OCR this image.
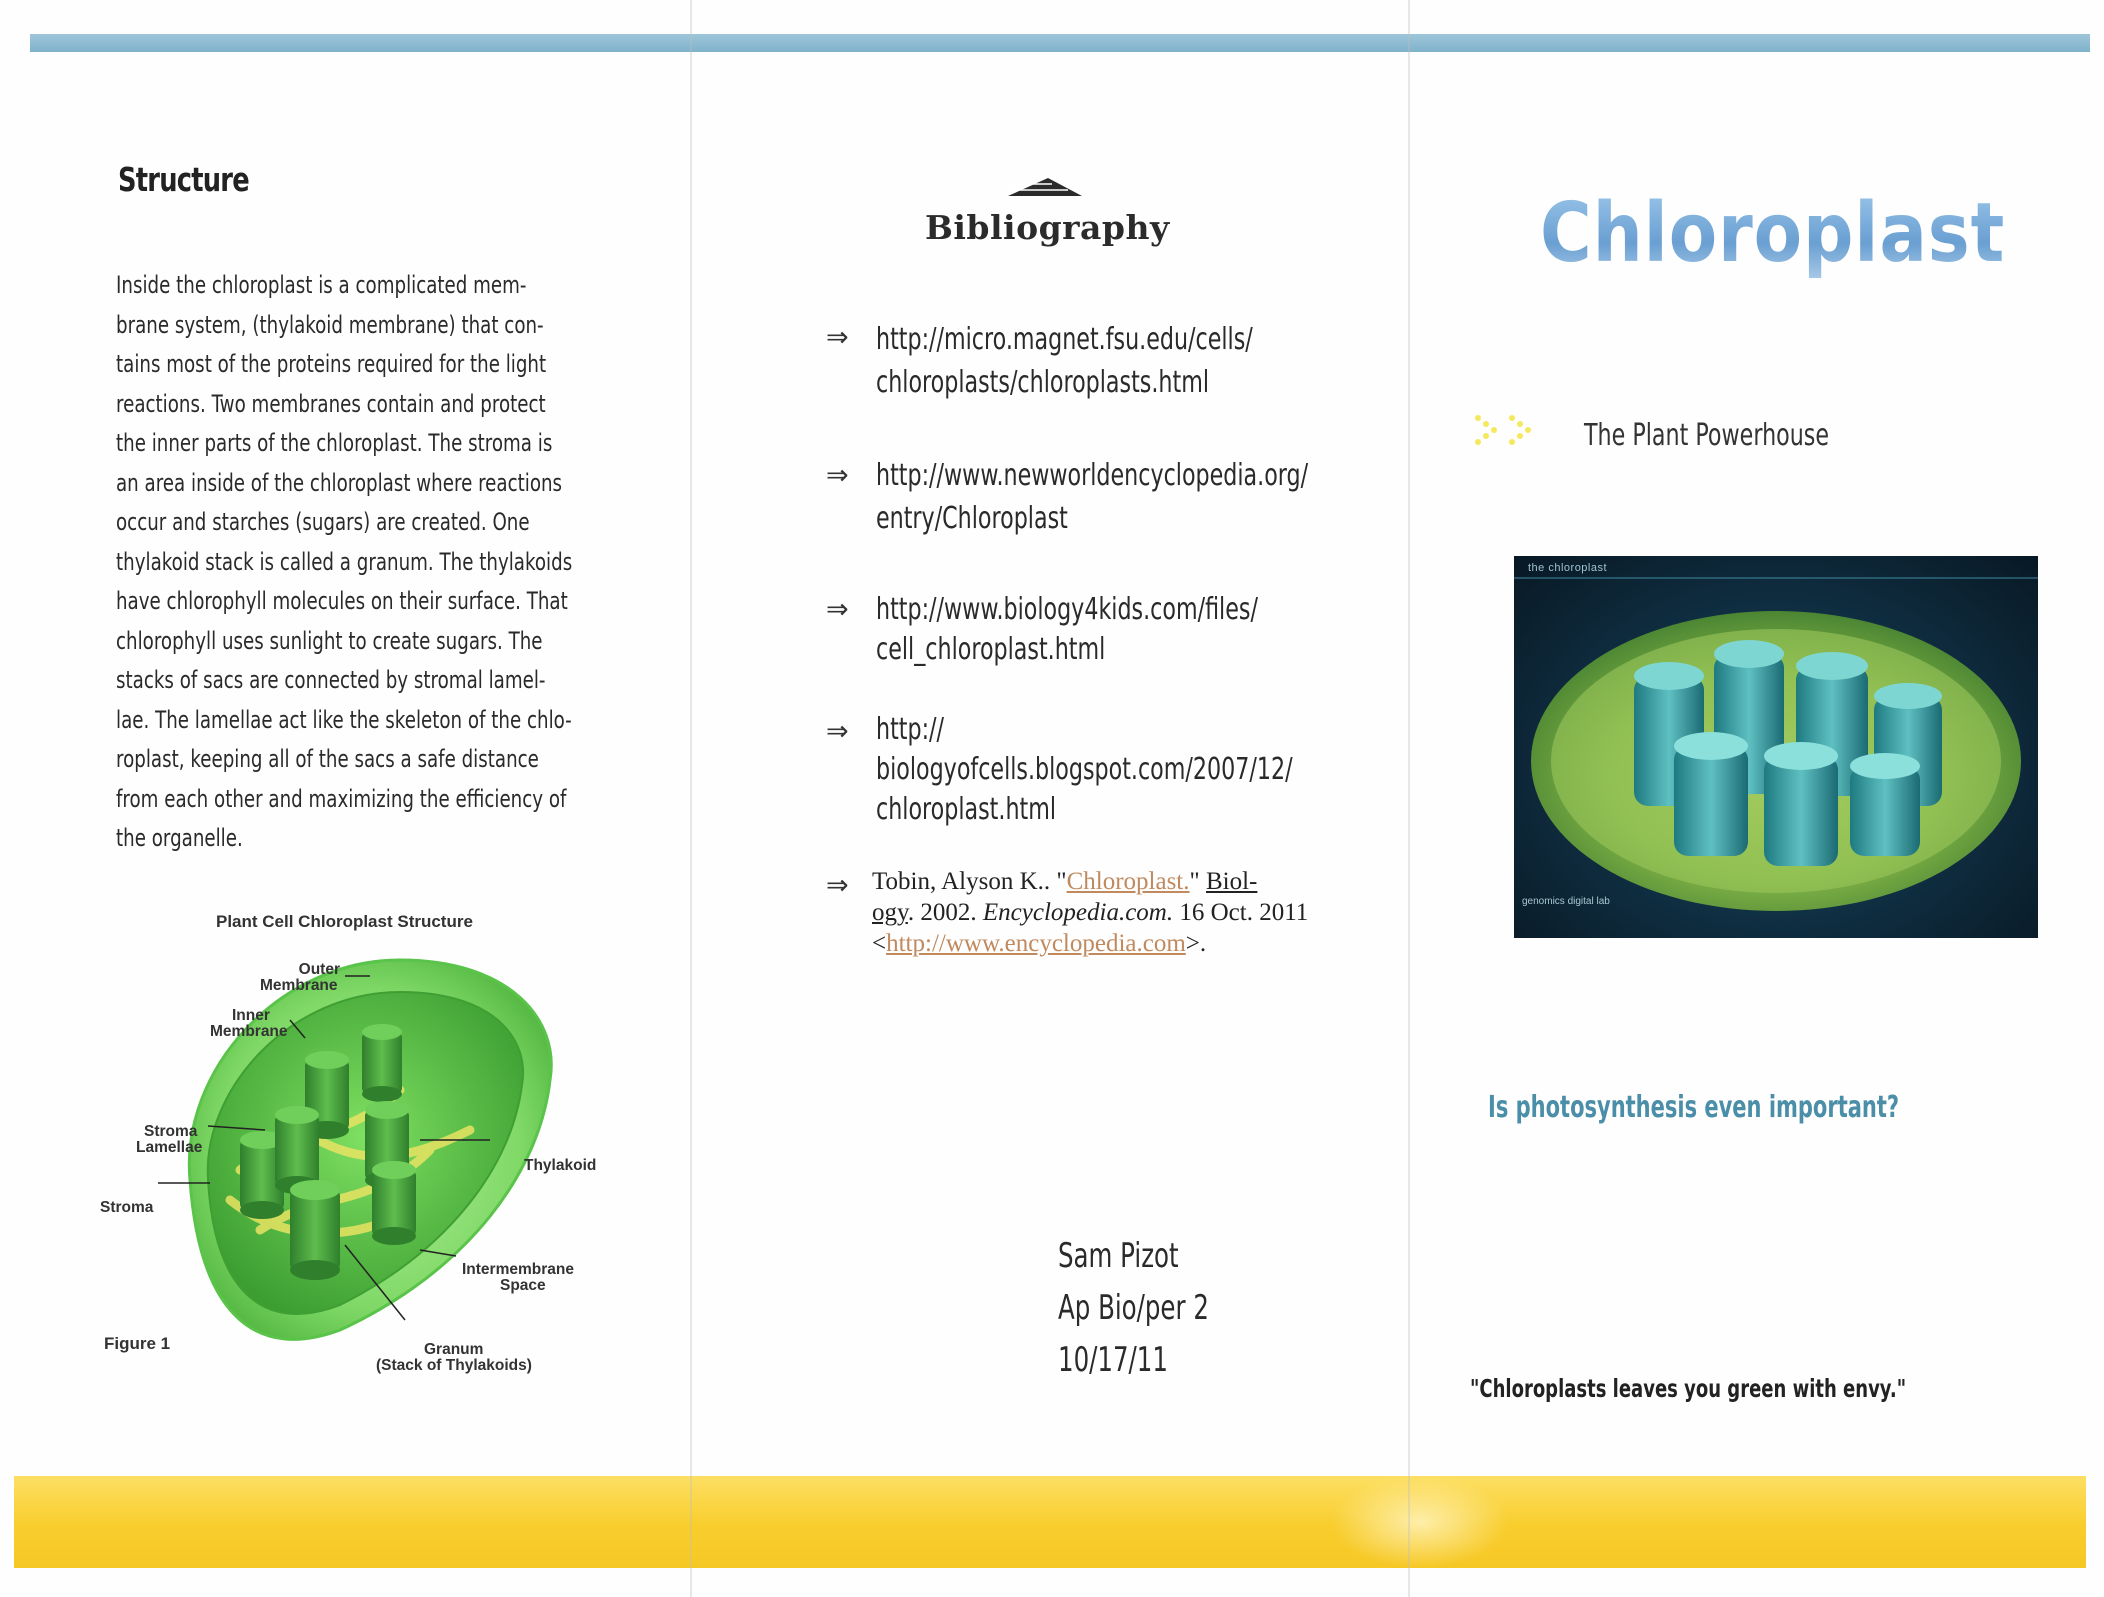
Structure

Inside the chloroplast is a complicated mem-
brane system, (thylakoid membrane) that con-
tains most of the proteins required for the light
reactions. Two membranes contain and protect
the inner parts of the chloroplast. The stroma is
an area inside of the chloroplast where reactions
occur and starches (sugars) are created. One
thylakoid stack is called a granum. The thylakoids
have chlorophyll molecules on their surface. That
chlorophyll uses sunlight to create sugars. The
stacks of sacs are connected by stromal lamel-
lae. The lamellae act like the skeleton of the chlo-
roplast, keeping all of the sacs a safe distance
from each other and maximizing the efficiency of
the organelle.

Plant Cell Chloroplast Structure
Outer
Membrane
Inner
Membrane
Stroma
Lamellae
Stroma
Thylakoid
Intermembrane
Space
Granum
(Stack of Thylakoids)
Figure 1
Bibliography
⇒ http://micro.magnet.fsu.edu/cells/
chloroplasts/chloroplasts.html
⇒ http://www.newworldencyclopedia.org/
entry/Chloroplast
⇒ http://www.biology4kids.com/files/
cell_chloroplast.html
⇒ http://
biologyofcells.blogspot.com/2007/12/
chloroplast.html
⇒ Tobin, Alyson K.. "Chloroplast." Biol-
ogy. 2002. Encyclopedia.com. 16 Oct. 2011 <http://www.encyclopedia.com>.
Sam Pizot
Ap Bio/per 2
10/17/11
Chloroplast
The Plant Powerhouse
the chloroplast
genomics digital lab
Is photosynthesis even important?
"Chloroplasts leaves you green with envy."
